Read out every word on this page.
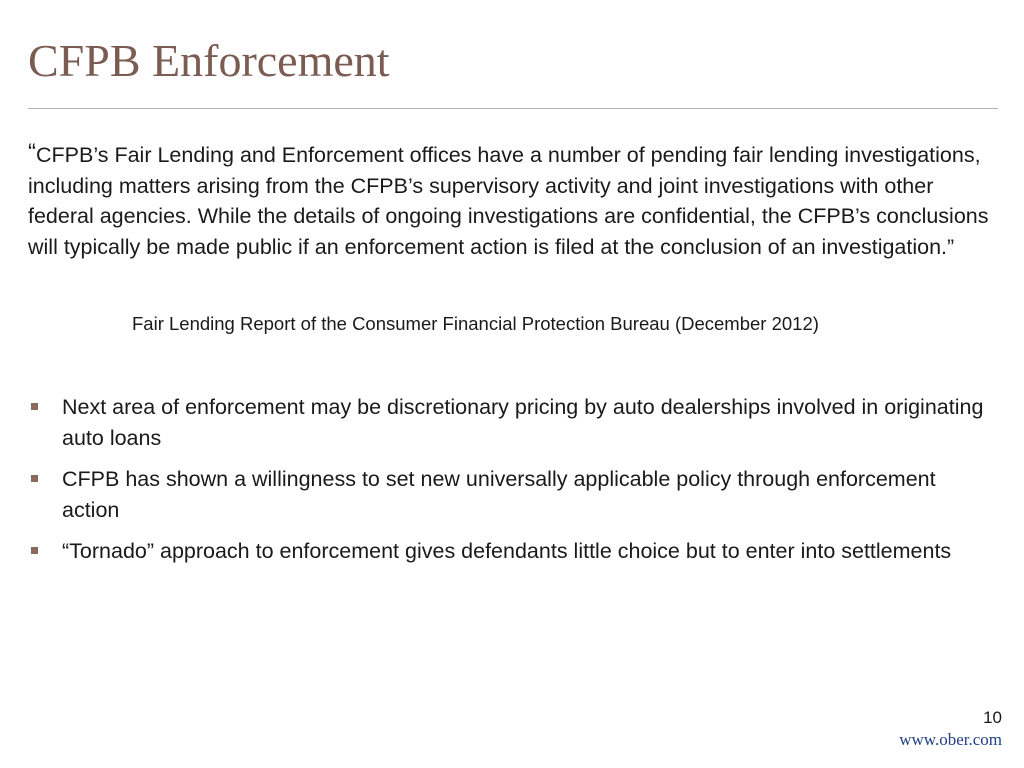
CFPB Enforcement

“CFPB’s Fair Lending and Enforcement offices have a number of pending fair lending investigations, including matters arising from the CFPB’s supervisory activity and joint investigations with other federal agencies. While the details of ongoing investigations are confidential, the CFPB’s conclusions will typically be made public if an enforcement action is filed at the conclusion of an investigation.”

Fair Lending Report of the Consumer Financial Protection Bureau (December 2012)
Next area of enforcement may be discretionary pricing by auto dealerships involved in originating auto loans
CFPB has shown a willingness to set new universally applicable policy through enforcement action
“Tornado” approach to enforcement gives defendants little choice but to enter into settlements
10
www.ober.com
